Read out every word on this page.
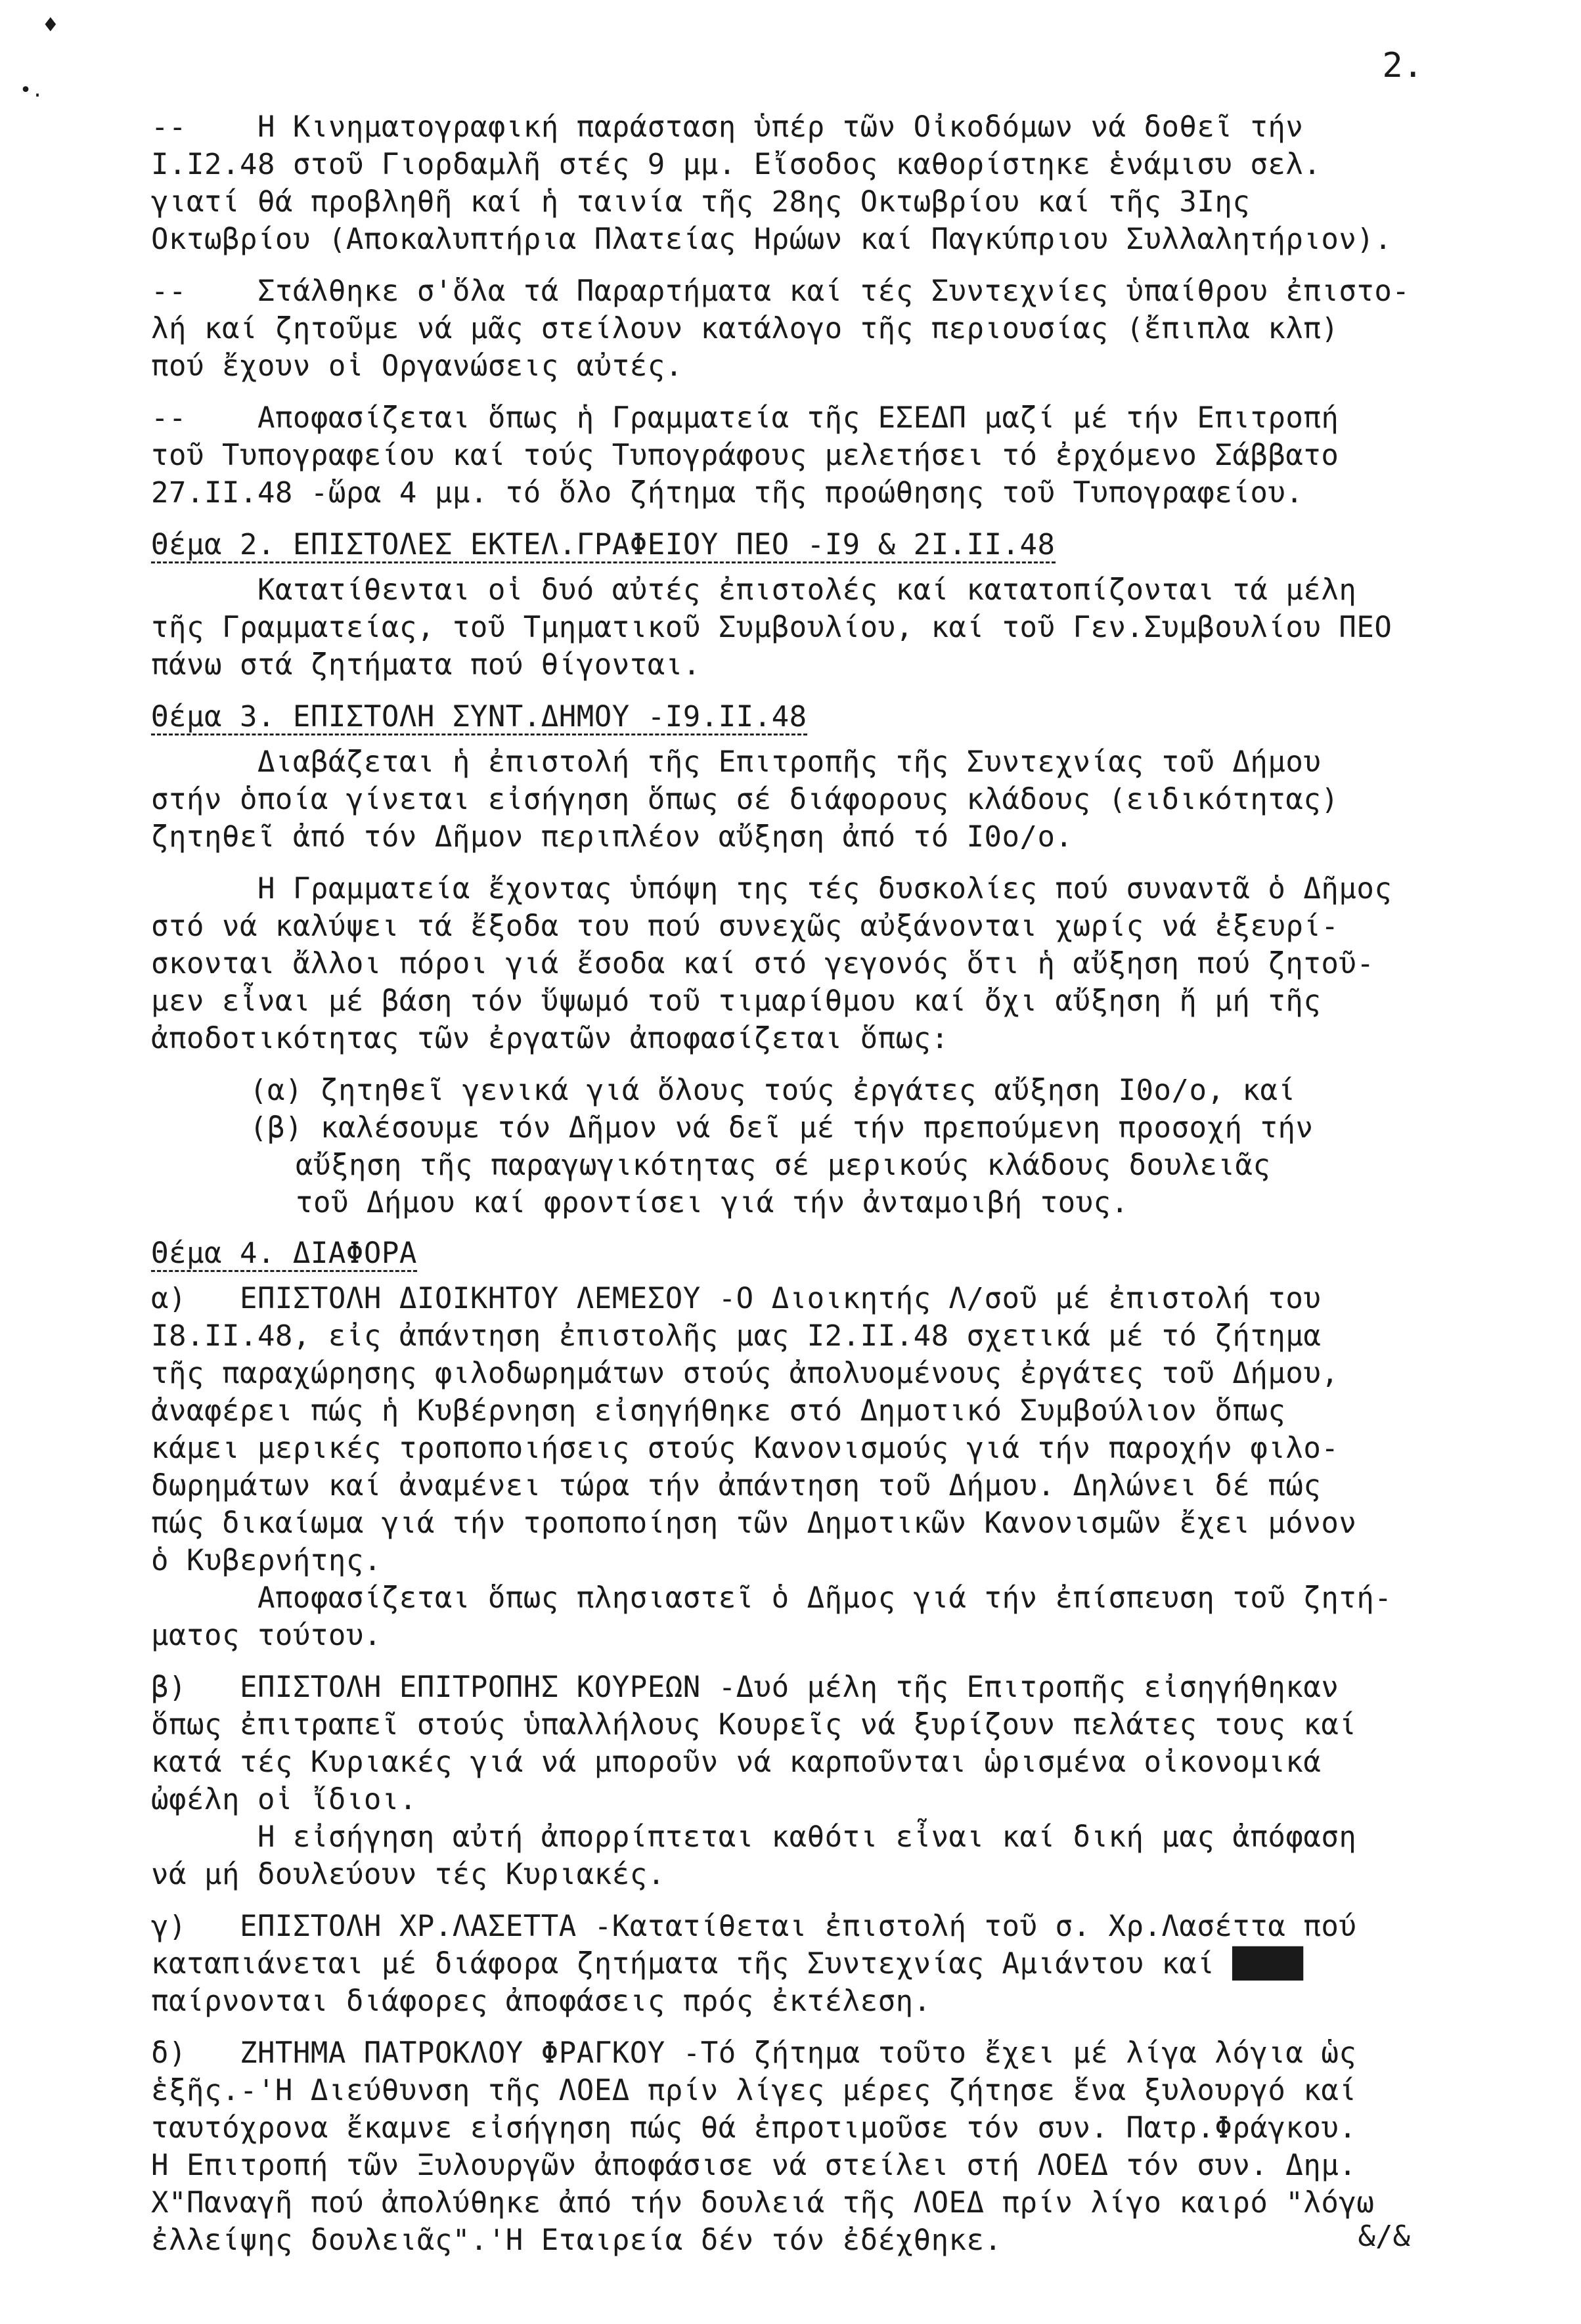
♦
•.
2.

--    Η Κινηματογραφική παράσταση ὑπέρ τῶν Οἰκοδόμων νά δοθεῖ τήν
Ι.Ι2.48 στοῦ Γιορδαμλῆ στές 9 μμ. Εἴσοδος καθορίστηκε ἑνάμισυ σελ.
γιατί θά προβληθῆ καί ἡ ταινία τῆς 28ης Οκτωβρίου καί τῆς 3Ιης
Οκτωβρίου (Αποκαλυπτήρια Πλατείας Ηρώων καί Παγκύπριου Συλλαλητήριον).

--    Στάλθηκε σ'ὅλα τά Παραρτήματα καί τές Συντεχνίες ὑπαίθρου ἐπιστο-
λή καί ζητοῦμε νά μᾶς στείλουν κατάλογο τῆς περιουσίας (ἔπιπλα κλπ)
πού ἔχουν οἱ Οργανώσεις αὐτές.

--    Αποφασίζεται ὅπως ἡ Γραμματεία τῆς ΕΣΕΔΠ μαζί μέ τήν Επιτροπή
τοῦ Τυπογραφείου καί τούς Τυπογράφους μελετήσει τό ἐρχόμενο Σάββατο
27.ΙΙ.48 -ὥρα 4 μμ. τό ὅλο ζήτημα τῆς προώθησης τοῦ Τυπογραφείου.

Θέμα 2. ΕΠΙΣΤΟΛΕΣ ΕΚΤΕΛ.ΓΡΑΦΕΙΟΥ ΠΕΟ -Ι9 & 2Ι.ΙΙ.48

Κατατίθενται οἱ δυό αὐτές ἐπιστολές καί κατατοπίζονται τά μέλη
τῆς Γραμματείας, τοῦ Τμηματικοῦ Συμβουλίου, καί τοῦ Γεν.Συμβουλίου ΠΕΟ
πάνω στά ζητήματα πού θίγονται.

Θέμα 3. ΕΠΙΣΤΟΛΗ ΣΥΝΤ.ΔΗΜΟΥ -Ι9.ΙΙ.48

Διαβάζεται ἡ ἐπιστολή τῆς Επιτροπῆς τῆς Συντεχνίας τοῦ Δήμου
στήν ὁποία γίνεται εἰσήγηση ὅπως σέ διάφορους κλάδους (ειδικότητας)
ζητηθεῖ ἀπό τόν Δῆμον περιπλέον αὔξηση ἀπό τό Ι0ο/ο.

Η Γραμματεία ἔχοντας ὑπόψη της τές δυσκολίες πού συναντᾶ ὁ Δῆμος
στό νά καλύψει τά ἔξοδα του πού συνεχῶς αὐξάνονται χωρίς νά ἐξευρί-
σκονται ἄλλοι πόροι γιά ἔσοδα καί στό γεγονός ὅτι ἡ αὔξηση πού ζητοῦ-
μεν εἶναι μέ βάση τόν ὕψωμό τοῦ τιμαρίθμου καί ὄχι αὔξηση ἤ μή τῆς
ἀποδοτικότητας τῶν ἐργατῶν ἀποφασίζεται ὅπως:

(α) ζητηθεῖ γενικά γιά ὅλους τούς ἐργάτες αὔξηση Ι0ο/ο, καί
(β) καλέσουμε τόν Δῆμον νά δεῖ μέ τήν πρεπούμενη προσοχή τήν
αὔξηση τῆς παραγωγικότητας σέ μερικούς κλάδους δουλειᾶς
τοῦ Δήμου καί φροντίσει γιά τήν ἀνταμοιβή τους.
Θέμα 4. ΔΙΑΦΟΡΑ

α)   ΕΠΙΣΤΟΛΗ ΔΙΟΙΚΗΤΟΥ ΛΕΜΕΣΟΥ -Ο Διοικητής Λ/σοῦ μέ ἐπιστολή του
Ι8.ΙΙ.48, εἰς ἀπάντηση ἐπιστολῆς μας Ι2.ΙΙ.48 σχετικά μέ τό ζήτημα
τῆς παραχώρησης φιλοδωρημάτων στούς ἀπολυομένους ἐργάτες τοῦ Δήμου,
ἀναφέρει πώς ἡ Κυβέρνηση εἰσηγήθηκε στό Δημοτικό Συμβούλιον ὅπως
κάμει μερικές τροποποιήσεις στούς Κανονισμούς γιά τήν παροχήν φιλο-
δωρημάτων καί ἀναμένει τώρα τήν ἀπάντηση τοῦ Δήμου. Δηλώνει δέ πώς
πώς δικαίωμα γιά τήν τροποποίηση τῶν Δημοτικῶν Κανονισμῶν ἔχει μόνον
ὁ Κυβερνήτης.
Αποφασίζεται ὅπως πλησιαστεῖ ὁ Δῆμος γιά τήν ἐπίσπευση τοῦ ζητή-
ματος τούτου.

β)   ΕΠΙΣΤΟΛΗ ΕΠΙΤΡΟΠΗΣ ΚΟΥΡΕΩΝ -Δυό μέλη τῆς Επιτροπῆς εἰσηγήθηκαν
ὅπως ἐπιτραπεῖ στούς ὑπαλλήλους Κουρεῖς νά ξυρίζουν πελάτες τους καί
κατά τές Κυριακές γιά νά μποροῦν νά καρποῦνται ὡρισμένα οἰκονομικά
ὠφέλη οἱ ἴδιοι.
Η εἰσήγηση αὐτή ἀπορρίπτεται καθότι εἶναι καί δική μας ἀπόφαση
νά μή δουλεύουν τές Κυριακές.

γ)   ΕΠΙΣΤΟΛΗ ΧΡ.ΛΑΣΕΤΤΑ -Κατατίθεται ἐπιστολή τοῦ σ. Χρ.Λασέττα πού
καταπιάνεται μέ διάφορα ζητήματα τῆς Συντεχνίας Αμιάντου καί ████
παίρνονται διάφορες ἀποφάσεις πρός ἐκτέλεση.

δ)   ΖΗΤΗΜΑ ΠΑΤΡΟΚΛΟΥ ΦΡΑΓΚΟΥ -Τό ζήτημα τοῦτο ἔχει μέ λίγα λόγια ὡς
ἑξῆς.-'Η Διεύθυνση τῆς ΛΟΕΔ πρίν λίγες μέρες ζήτησε ἕνα ξυλουργό καί
ταυτόχρονα ἔκαμνε εἰσήγηση πώς θά ἐπροτιμοῦσε τόν συν. Πατρ.Φράγκου.
Η Επιτροπή τῶν Ξυλουργῶν ἀποφάσισε νά στείλει στή ΛΟΕΔ τόν συν. Δημ.
Χ"Παναγῆ πού ἀπολύθηκε ἀπό τήν δουλειά τῆς ΛΟΕΔ πρίν λίγο καιρό "λόγω
ἐλλείψης δουλειᾶς".'Η Εταιρεία δέν τόν ἐδέχθηκε.	&/&
